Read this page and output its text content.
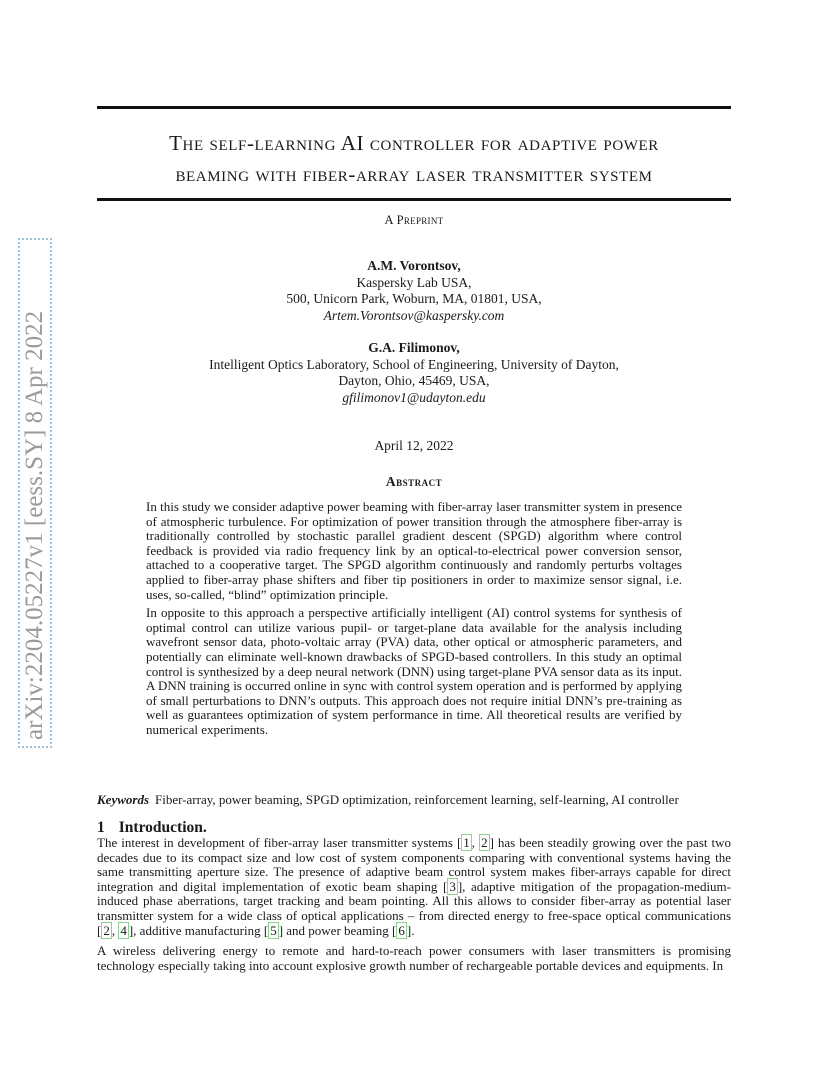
The self-learning AI controller for adaptive power
beaming with fiber-array laser transmitter system
arXiv:2204.05227v1 [eess.SY] 8 Apr 2022
A Preprint
A.M. Vorontsov,
Kaspersky Lab USA,
500, Unicorn Park, Woburn, MA, 01801, USA,
Artem.Vorontsov@kaspersky.com
G.A. Filimonov,
Intelligent Optics Laboratory, School of Engineering, University of Dayton,
Dayton, Ohio, 45469, USA,
gfilimonov1@udayton.edu
April 12, 2022
Abstract

In this study we consider adaptive power beaming with fiber-array laser transmitter system in presence of atmospheric turbulence. For optimization of power transition through the atmosphere fiber-array is traditionally controlled by stochastic parallel gradient descent (SPGD) algorithm where control feedback is provided via radio frequency link by an optical-to-electrical power conversion sensor, attached to a cooperative target. The SPGD algorithm continuously and randomly perturbs voltages applied to fiber-array phase shifters and fiber tip positioners in order to maximize sensor signal, i.e. uses, so-called, “blind” optimization principle.

In opposite to this approach a perspective artificially intelligent (AI) control systems for synthesis of optimal control can utilize various pupil- or target-plane data available for the analysis including wavefront sensor data, photo-voltaic array (PVA) data, other optical or atmospheric parameters, and potentially can eliminate well-known drawbacks of SPGD-based controllers. In this study an optimal control is synthesized by a deep neural network (DNN) using target-plane PVA sensor data as its input. A DNN training is occurred online in sync with control system operation and is performed by applying of small perturbations to DNN’s outputs. This approach does not require initial DNN’s pre-training as well as guarantees optimization of system performance in time. All theoretical results are verified by numerical experiments.

Keywords Fiber-array, power beaming, SPGD optimization, reinforcement learning, self-learning, AI controller
1 Introduction.

The interest in development of fiber-array laser transmitter systems [ 1 , 2 ] has been steadily growing over the past two decades due to its compact size and low cost of system components comparing with conventional systems having the same transmitting aperture size. The presence of adaptive beam control system makes fiber-arrays capable for direct integration and digital implementation of exotic beam shaping [ 3 ], adaptive mitigation of the propagation-medium-induced phase aberrations, target tracking and beam pointing. All this allows to consider fiber-array as potential laser transmitter system for a wide class of optical applications – from directed energy to free-space optical communications [ 2 , 4 ], additive manufacturing [ 5 ] and power beaming [ 6 ].

A wireless delivering energy to remote and hard-to-reach power consumers with laser transmitters is promising technology especially taking into account explosive growth number of rechargeable portable devices and equipments. In
